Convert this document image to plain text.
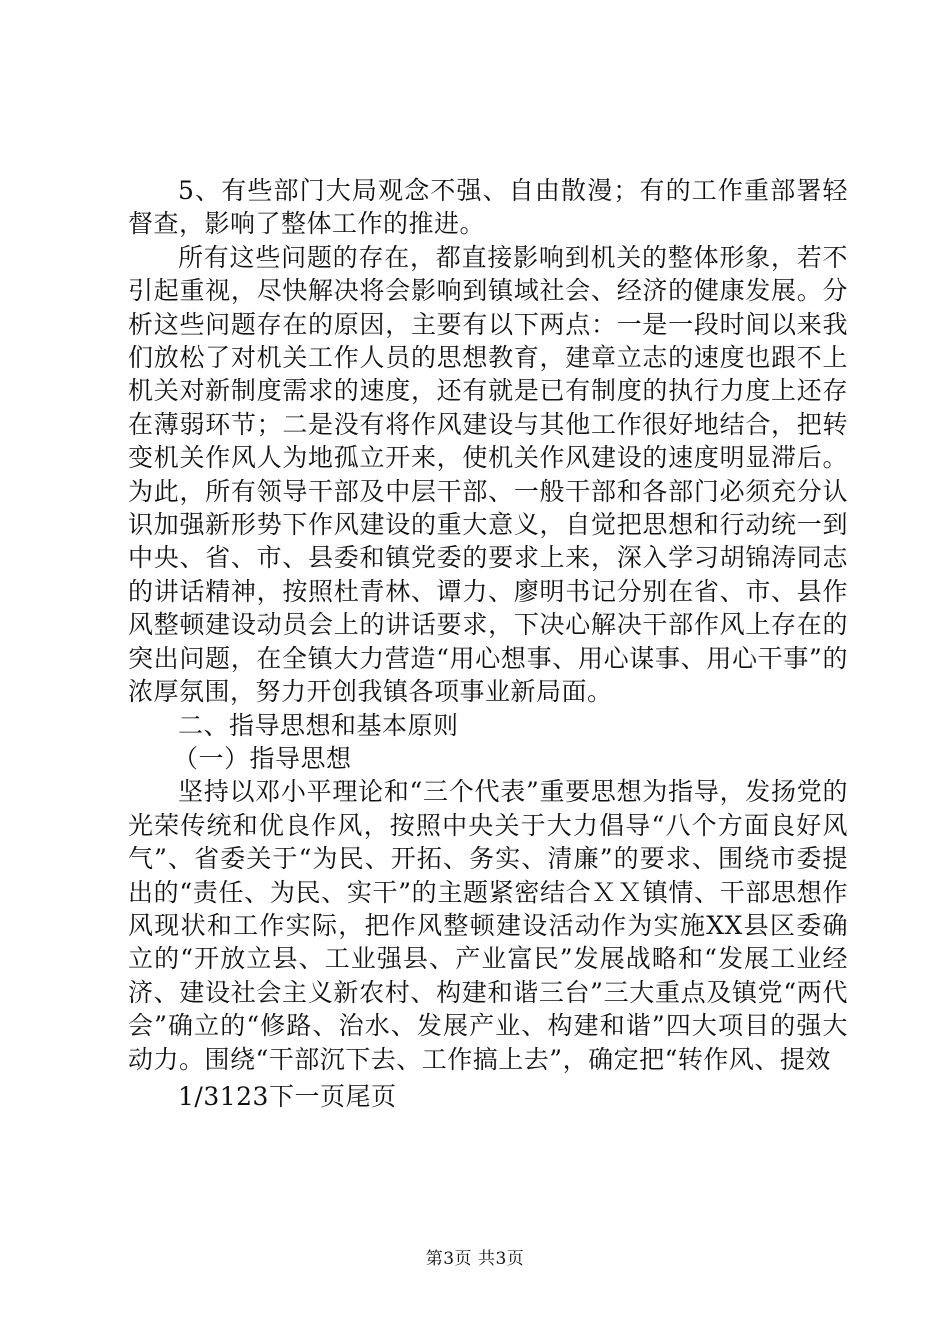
5、有些部门大局观念不强、自由散漫；有的工作重部署轻督查，影响了整体工作的推进。

所有这些问题的存在，都直接影响到机关的整体形象，若不引起重视，尽快解决将会影响到镇域社会、经济的健康发展。分析这些问题存在的原因，主要有以下两点：一是一段时间以来我们放松了对机关工作人员的思想教育，建章立志的速度也跟不上机关对新制度需求的速度，还有就是已有制度的执行力度上还存在薄弱环节；二是没有将作风建设与其他工作很好地结合，把转变机关作风人为地孤立开来，使机关作风建设的速度明显滞后。为此，所有领导干部及中层干部、一般干部和各部门必须充分认识加强新形势下作风建设的重大意义，自觉把思想和行动统一到中央、省、市、县委和镇党委的要求上来，深入学习胡锦涛同志的讲话精神，按照杜青林、谭力、廖明书记分别在省、市、县作风整顿建设动员会上的讲话要求，下决心解决干部作风上存在的突出问题，在全镇大力营造“用心想事、用心谋事、用心干事”的浓厚氛围，努力开创我镇各项事业新局面。

二、指导思想和基本原则

（一）指导思想

坚持以邓小平理论和“三个代表”重要思想为指导，发扬党的光荣传统和优良作风，按照中央关于大力倡导“八个方面良好风气”、省委关于“为民、开拓、务实、清廉”的要求、围绕市委提出的“责任、为民、实干”的主题紧密结合ＸＸ镇情、干部思想作风现状和工作实际，把作风整顿建设活动作为实施XX县区委确立的“开放立县、工业强县、产业富民”发展战略和“发展工业经济、建设社会主义新农村、构建和谐三台”三大重点及镇党“两代会”确立的“修路、治水、发展产业、构建和谐”四大项目的强大动力。围绕“干部沉下去、工作搞上去”，确定把“转作风、提效

1/3123下一页尾页

第3页 共3页
